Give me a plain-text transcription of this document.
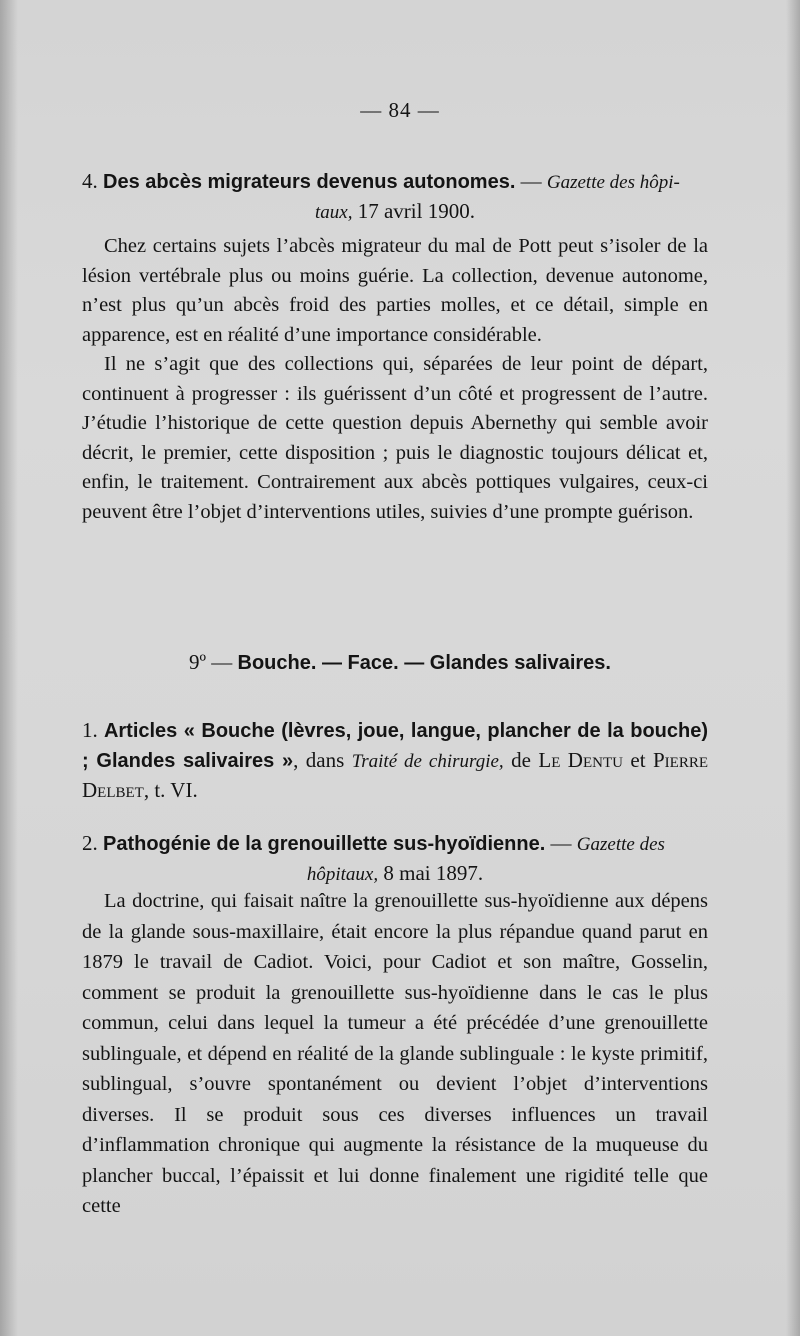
— 84 —
4. Des abcès migrateurs devenus autonomes. — Gazette des hôpi-
taux, 17 avril 1900.

Chez certains sujets l’abcès migrateur du mal de Pott peut s’isoler de la lésion vertébrale plus ou moins guérie. La collection, devenue autonome, n’est plus qu’un abcès froid des parties molles, et ce détail, simple en apparence, est en réalité d’une importance considérable.

Il ne s’agit que des collections qui, séparées de leur point de départ, continuent à progresser : ils guérissent d’un côté et progressent de l’autre. J’étudie l’historique de cette question depuis Abernethy qui semble avoir décrit, le premier, cette disposition ; puis le diagnostic toujours délicat et, enfin, le traitement. Contrairement aux abcès pottiques vulgaires, ceux-ci peuvent être l’objet d’interventions utiles, suivies d’une prompte guérison.

9º — Bouche. — Face. — Glandes salivaires.
1. Articles « Bouche (lèvres, joue, langue, plancher de la bouche) ; Glandes salivaires », dans Traité de chirurgie, de Le Dentu et Pierre Delbet, t. VI.
2. Pathogénie de la grenouillette sus-hyoïdienne. — Gazette des
hôpitaux, 8 mai 1897.

La doctrine, qui faisait naître la grenouillette sus-hyoïdienne aux dépens de la glande sous-maxillaire, était encore la plus répandue quand parut en 1879 le travail de Cadiot. Voici, pour Cadiot et son maître, Gosselin, comment se produit la grenouillette sus-hyoïdienne dans le cas le plus commun, celui dans lequel la tumeur a été précédée d’une grenouillette sublinguale, et dépend en réalité de la glande sublinguale : le kyste primitif, sublingual, s’ouvre spontanément ou devient l’objet d’interventions diverses. Il se produit sous ces diverses influences un travail d’inflammation chronique qui augmente la résistance de la muqueuse du plancher buccal, l’épaissit et lui donne finalement une rigidité telle que cette
